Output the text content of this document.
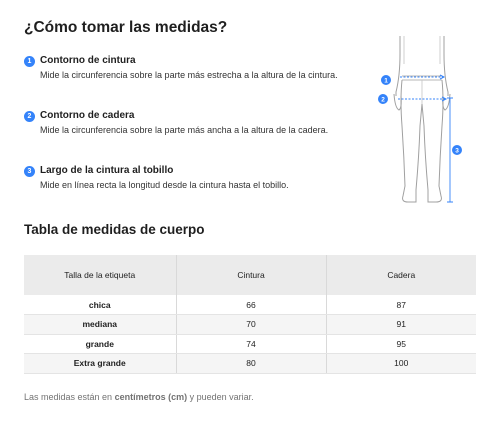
¿Cómo tomar las medidas?
1 Contorno de cintura
Mide la circunferencia sobre la parte más estrecha a la altura de la cintura.
2 Contorno de cadera
Mide la circunferencia sobre la parte más ancha a la altura de la cadera.
3 Largo de la cintura al tobillo
Mide en línea recta la longitud desde la cintura hasta el tobillo.
1
2
3
Tabla de medidas de cuerpo
Talla de la etiqueta	Cintura	Cadera
chica	66	87
mediana	70	91
grande	74	95
Extra grande	80	100
Las medidas están en centímetros (cm) y pueden variar.
